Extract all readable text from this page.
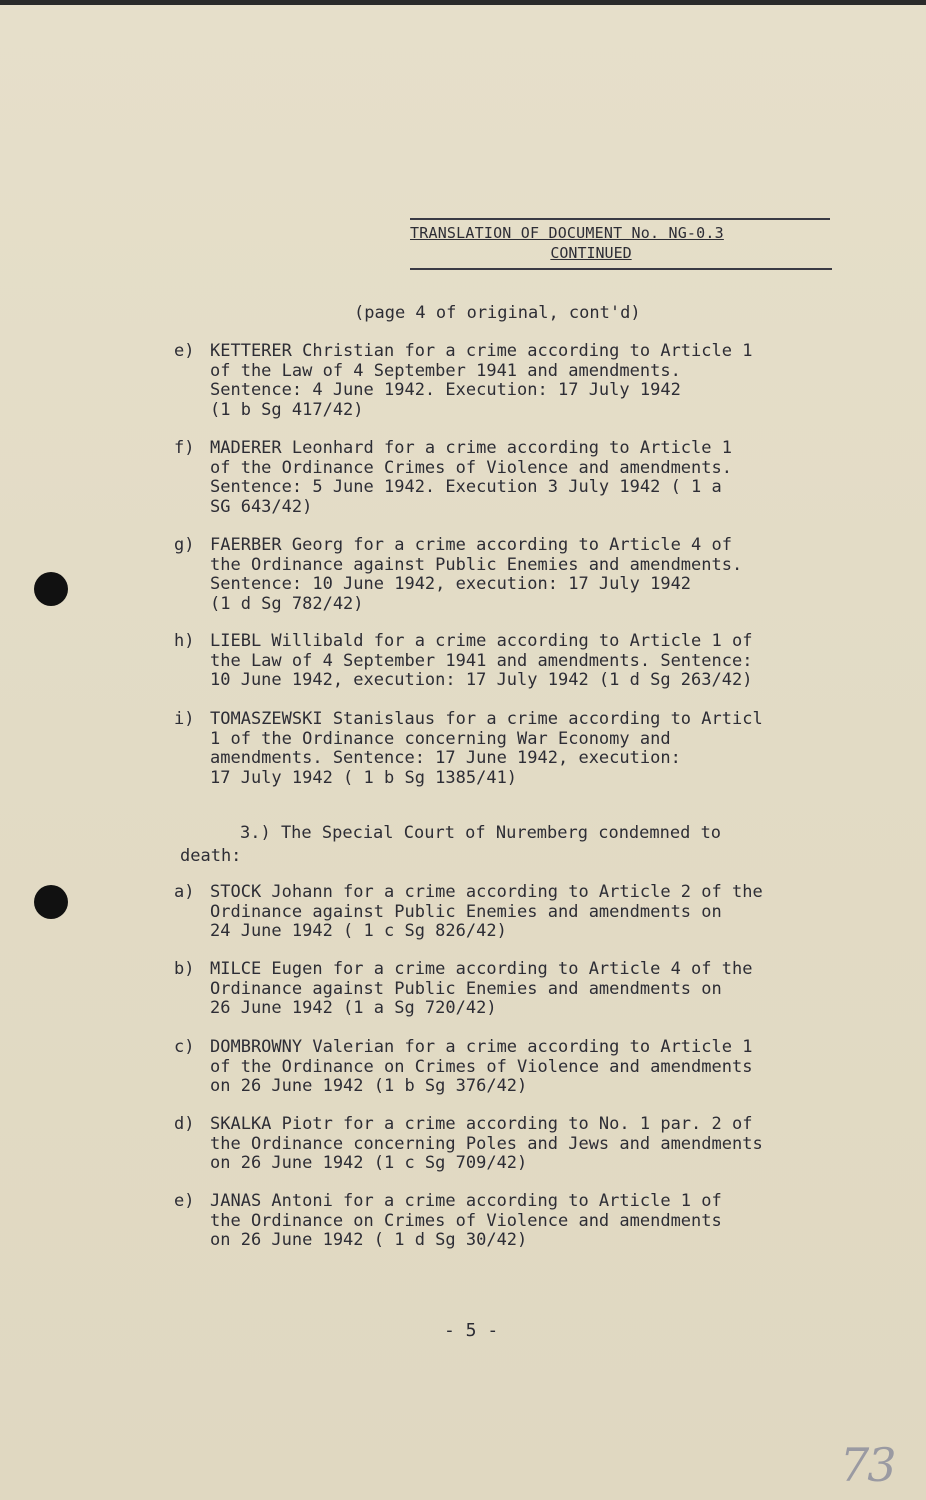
TRANSLATION OF DOCUMENT No. NG-0.3
CONTINUED
(page 4 of original, cont'd)
e) KETTERER Christian for a crime according to Article 1
of the Law of 4 September 1941 and amendments.
Sentence: 4 June 1942. Execution: 17 July 1942
(1 b Sg 417/42)
f) MADERER Leonhard for a crime according to Article 1
of the Ordinance Crimes of Violence and amendments.
Sentence: 5 June 1942. Execution 3 July 1942 ( 1 a
SG 643/42)
g) FAERBER Georg for a crime according to Article 4 of
the Ordinance against Public Enemies and amendments.
Sentence: 10 June 1942, execution: 17 July 1942
(1 d Sg 782/42)
h) LIEBL Willibald for a crime according to Article 1 of
the Law of 4 September 1941 and amendments. Sentence:
10 June 1942, execution: 17 July 1942 (1 d Sg 263/42)
i) TOMASZEWSKI Stanislaus for a crime according to Articl
1 of the Ordinance concerning War Economy and
amendments. Sentence: 17 June 1942, execution:
17 July 1942 ( 1 b Sg 1385/41)
3.) The Special Court of Nuremberg condemned to
death:
a) STOCK Johann for a crime according to Article 2 of the
Ordinance against Public Enemies and amendments on
24 June 1942 ( 1 c Sg 826/42)
b) MILCE Eugen for a crime according to Article 4 of the
Ordinance against Public Enemies and amendments on
26 June 1942 (1 a Sg 720/42)
c) DOMBROWNY Valerian for a crime according to Article 1
of the Ordinance on Crimes of Violence and amendments
on 26 June 1942 (1 b Sg 376/42)
d) SKALKA Piotr for a crime according to No. 1 par. 2 of
the Ordinance concerning Poles and Jews and amendments
on 26 June 1942 (1 c Sg 709/42)
e) JANAS Antoni for a crime according to Article 1 of
the Ordinance on Crimes of Violence and amendments
on 26 June 1942 ( 1 d Sg 30/42)
- 5 -
73
